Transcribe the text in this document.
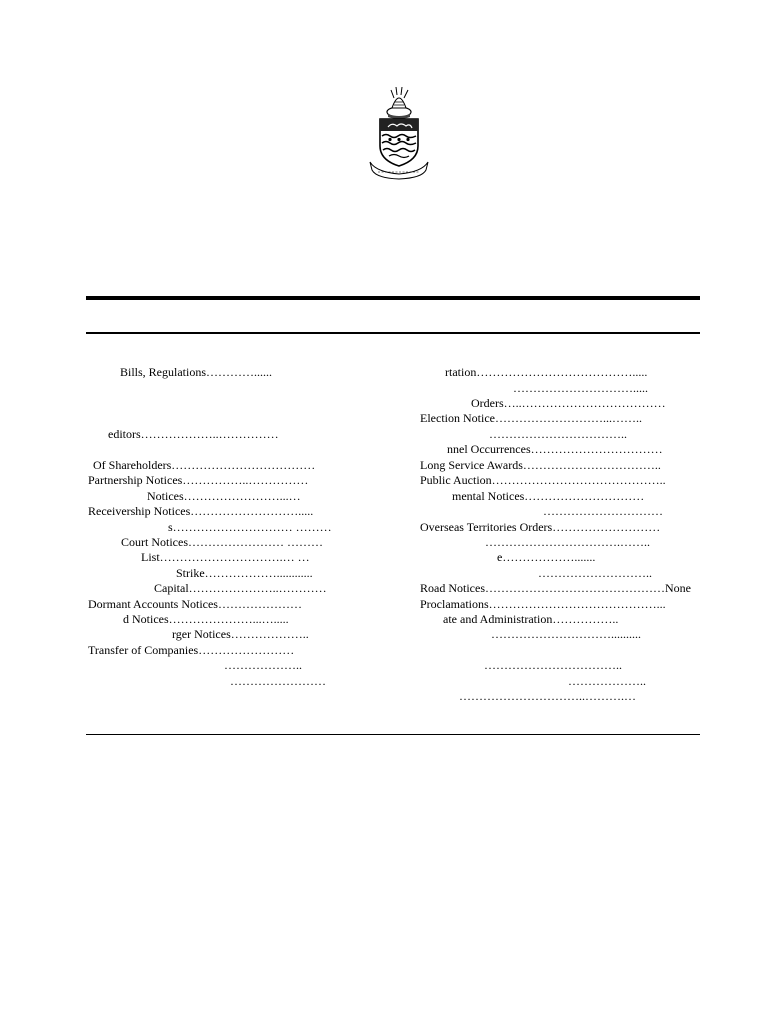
Bills, Regulations…………......
editors………………..……………
Of Shareholders………………………………
Partnership Notices……………..……………
Notices……………………...…
Receivership Notices……………………….....
s………………………… ………
Court Notices…………………… ………
List………………………….… …
Strike………………............
Capital…………………..…………
Dormant Accounts Notices…………………
d Notices…………………...….....
rger Notices………………..
Transfer of Companies……………………
………………..
……………………
rtation………………………………….....
………………………….....
Orders…..………………………………
Election Notice………………………...……..
……………………………..
nnel Occurrences……………………………
Long Service Awards……………………………..
Public Auction……………………………………..
mental Notices…………………………
…………………………
Overseas Territories Orders………………………
…………………………….……..
e……………….......
………………………..
Road Notices………………………………………None
Proclamations……………………………………...
ate and Administration……………..
…………………………..........
……………………………..
………………..
…………………………..……….…
